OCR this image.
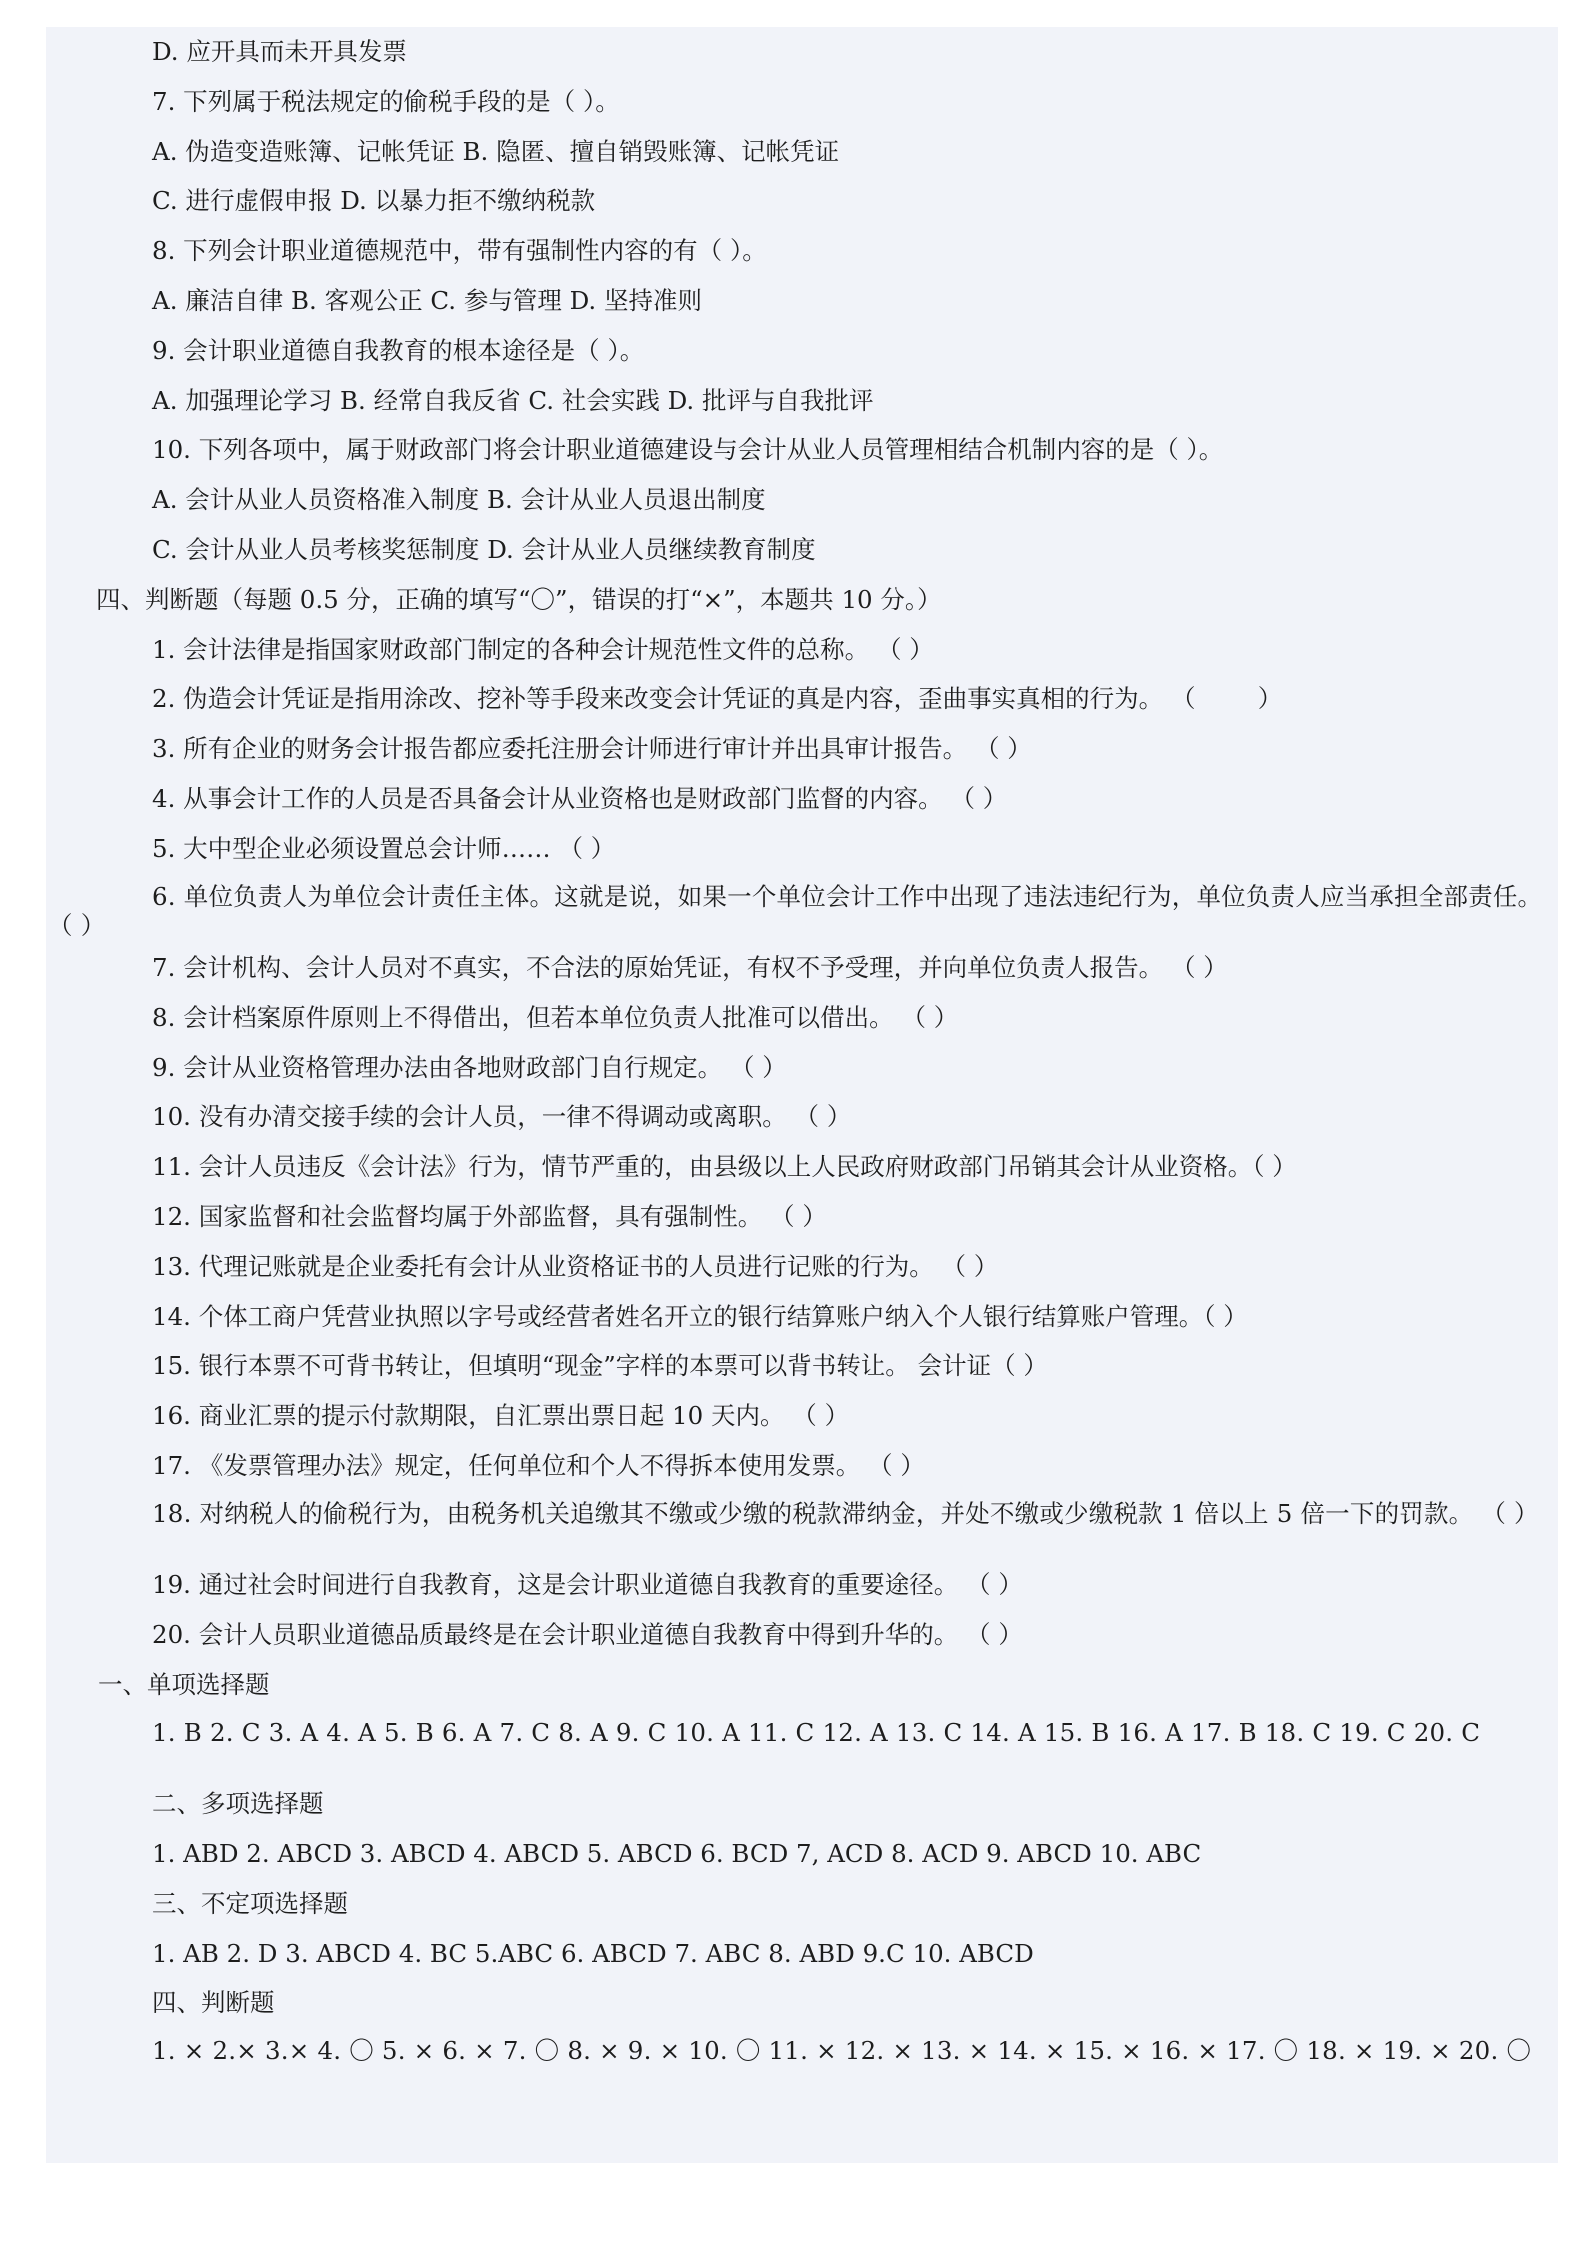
D. 应开具而未开具发票
7. 下列属于税法规定的偷税手段的是（ ）。
A. 伪造变造账簿、记帐凭证 B. 隐匿、擅自销毁账簿、记帐凭证
C. 进行虚假申报 D. 以暴力拒不缴纳税款
8. 下列会计职业道德规范中，带有强制性内容的有（ ）。
A. 廉洁自律 B. 客观公正 C. 参与管理 D. 坚持准则
9. 会计职业道德自我教育的根本途径是（ ）。
A. 加强理论学习 B. 经常自我反省 C. 社会实践 D. 批评与自我批评
10. 下列各项中，属于财政部门将会计职业道德建设与会计从业人员管理相结合机制内容的是（ ）。
A. 会计从业人员资格准入制度 B. 会计从业人员退出制度
C. 会计从业人员考核奖惩制度 D. 会计从业人员继续教育制度
四、判断题（每题 0.5 分，正确的填写“〇”，错误的打“×”，本题共 10 分。）
1. 会计法律是指国家财政部门制定的各种会计规范性文件的总称。 （ ）
2. 伪造会计凭证是指用涂改、挖补等手段来改变会计凭证的真是内容，歪曲事实真相的行为。 （        ）
3. 所有企业的财务会计报告都应委托注册会计师进行审计并出具审计报告。 （ ）
4. 从事会计工作的人员是否具备会计从业资格也是财政部门监督的内容。 （ ）
5. 大中型企业必须设置总会计师…… （ ）
6. 单位负责人为单位会计责任主体。这就是说，如果一个单位会计工作中出现了违法违纪行为，单位负责人应当承担全部责任。 （ ）
7. 会计机构、会计人员对不真实，不合法的原始凭证，有权不予受理，并向单位负责人报告。 （ ）
8. 会计档案原件原则上不得借出，但若本单位负责人批准可以借出。 （ ）
9. 会计从业资格管理办法由各地财政部门自行规定。 （ ）
10. 没有办清交接手续的会计人员，一律不得调动或离职。 （ ）
11. 会计人员违反《会计法》行为，情节严重的，由县级以上人民政府财政部门吊销其会计从业资格。（ ）
12. 国家监督和社会监督均属于外部监督，具有强制性。 （ ）
13. 代理记账就是企业委托有会计从业资格证书的人员进行记账的行为。 （ ）
14. 个体工商户凭营业执照以字号或经营者姓名开立的银行结算账户纳入个人银行结算账户管理。（ ）
15. 银行本票不可背书转让，但填明“现金”字样的本票可以背书转让。 会计证（ ）
16. 商业汇票的提示付款期限，自汇票出票日起 10 天内。 （ ）
17. 《发票管理办法》规定，任何单位和个人不得拆本使用发票。 （ ）
18. 对纳税人的偷税行为，由税务机关追缴其不缴或少缴的税款滞纳金，并处不缴或少缴税款 1 倍以上 5 倍一下的罚款。 （ ）
19. 通过社会时间进行自我教育，这是会计职业道德自我教育的重要途径。 （ ）
20. 会计人员职业道德品质最终是在会计职业道德自我教育中得到升华的。 （ ）
一、单项选择题
1. B 2. C 3. A 4. A 5. B 6. A 7. C 8. A 9. C 10. A 11. C 12. A 13. C 14. A 15. B 16. A 17. B 18. C 19. C 20. C
二、多项选择题
1. ABD 2. ABCD 3. ABCD 4. ABCD 5. ABCD 6. BCD 7, ACD 8. ACD 9. ABCD 10. ABC
三、不定项选择题
1. AB 2. D 3. ABCD 4. BC 5.ABC 6. ABCD 7. ABC 8. ABD 9.C 10. ABCD
四、判断题
1. × 2.× 3.× 4. 〇 5. × 6. × 7. 〇 8. × 9. × 10. 〇 11. × 12. × 13. × 14. × 15. × 16. × 17. 〇 18. × 19. × 20. 〇
